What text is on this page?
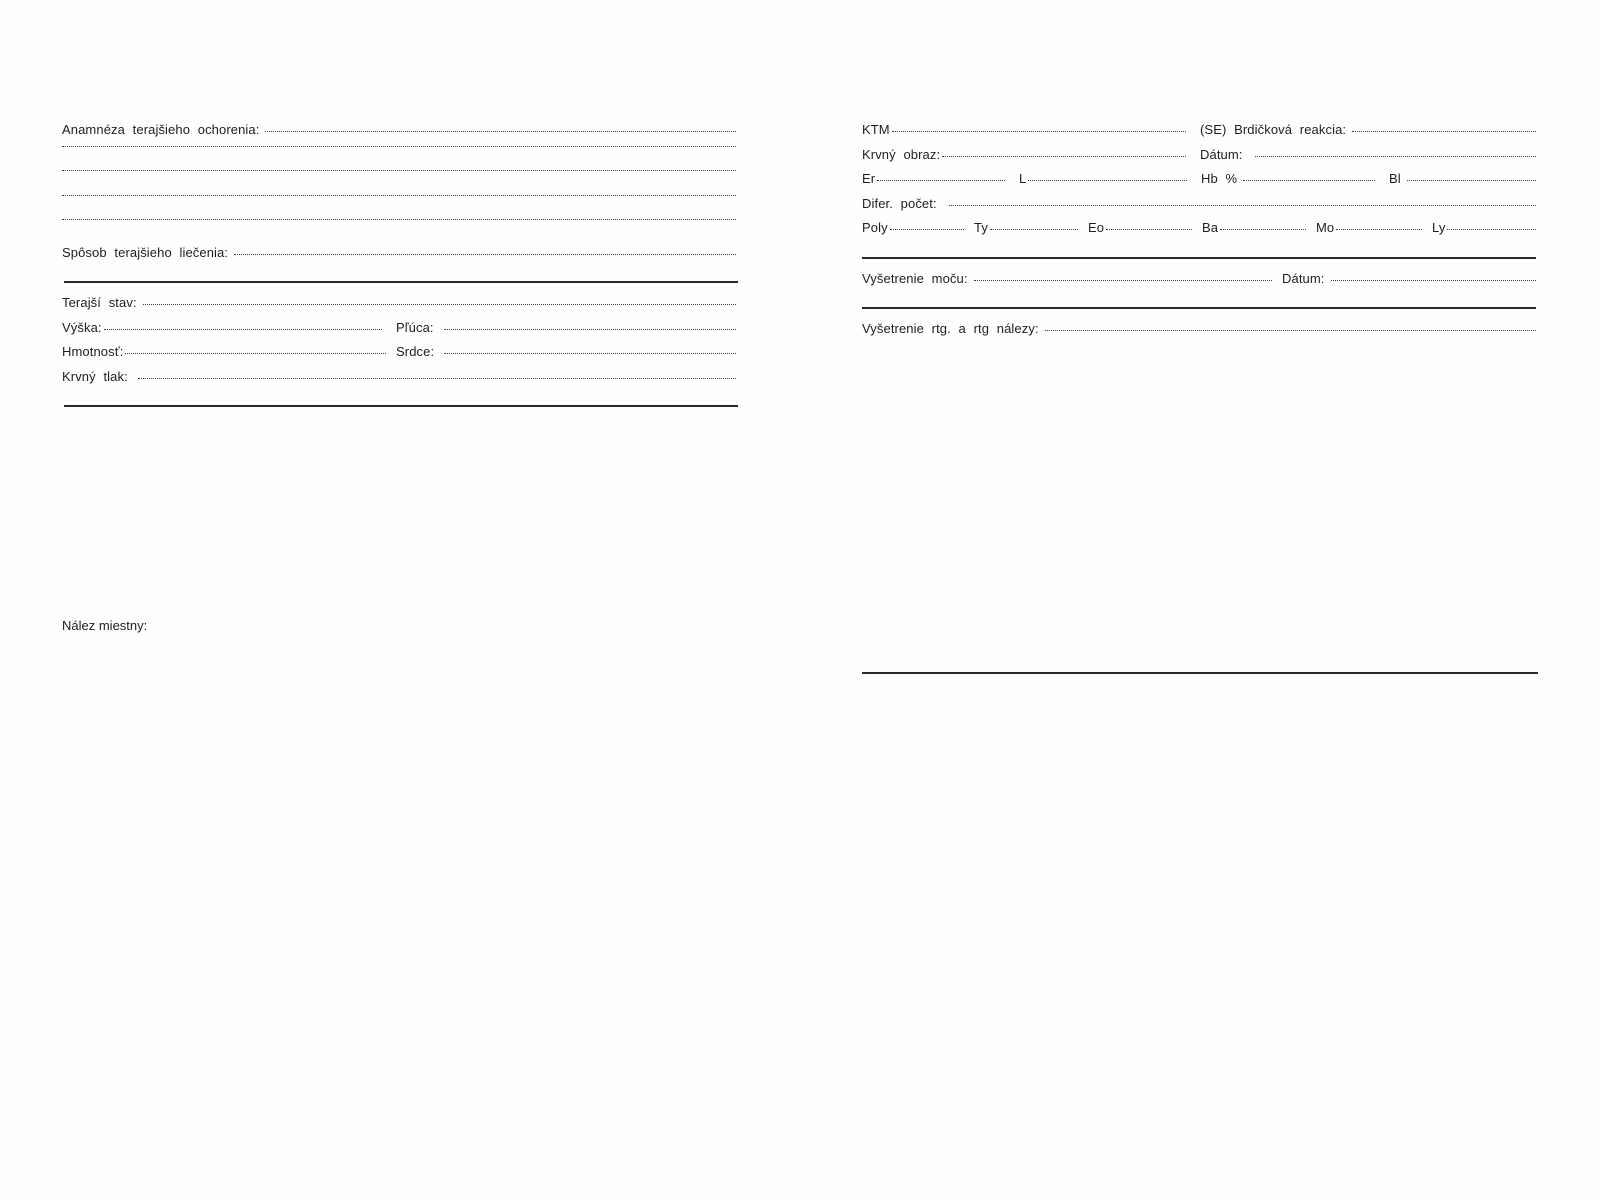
Anamnéza terajšieho ochorenia:
Spôsob terajšieho liečenia:
Terajší stav:
Výška:	Pľúca:
Hmotnosť:	Srdce:
Krvný tlak:
Nález miestny:
KTM	(SE) Brdičková reakcia:
Krvný obraz:	Dátum:
Er	L	Hb %	Bl
Difer. počet:
Poly	Ty	Eo	Ba	Mo	Ly
Vyšetrenie moču:	Dátum:
Vyšetrenie rtg. a rtg nálezy:
